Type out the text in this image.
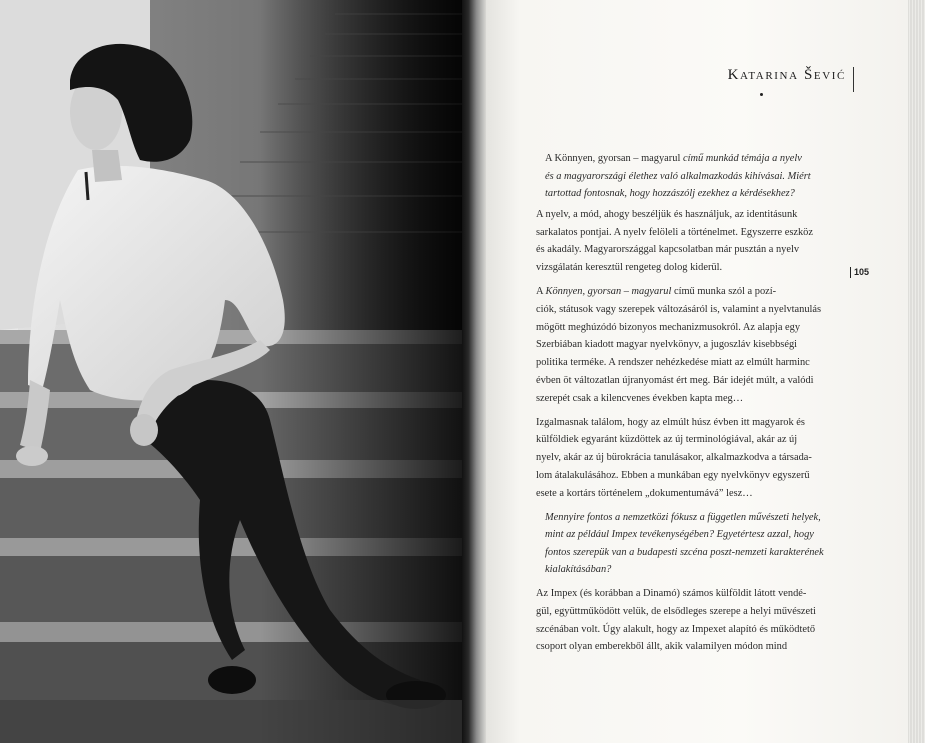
Katarina Šević
105
A Könnyen, gyorsan – magyarul című munkád témája a nyelv
és a magyarországi élethez való alkalmazkodás kihívásai. Miért
tartottad fontosnak, hogy hozzászólj ezekhez a kérdésekhez?
A nyelv, a mód, ahogy beszéljük és használjuk, az identitásunk
sarkalatos pontjai. A nyelv felöleli a történelmet. Egyszerre eszköz
és akadály. Magyarországgal kapcsolatban már pusztán a nyelv
vizsgálatán keresztül rengeteg dolog kiderül.
A Könnyen, gyorsan – magyarul című munka szól a pozí-
ciók, státusok vagy szerepek változásáról is, valamint a nyelvtanulás
mögött meghúzódó bizonyos mechanizmusokról. Az alapja egy
Szerbiában kiadott magyar nyelvkönyv, a jugoszláv kisebbségi
politika terméke. A rendszer nehézkedése miatt az elmúlt harminc
évben öt változatlan újranyomást ért meg. Bár idejét múlt, a valódi
szerepét csak a kilencvenes években kapta meg…
Izgalmasnak találom, hogy az elmúlt húsz évben itt magyarok és
külföldiek egyaránt küzdöttek az új terminológiával, akár az új
nyelv, akár az új bürokrácia tanulásakor, alkalmazkodva a társada-
lom átalakulásához. Ebben a munkában egy nyelvkönyv egyszerű
esete a kortárs történelem „dokumentumává” lesz…
Mennyire fontos a nemzetközi fókusz a független művészeti helyek,
mint az például Impex tevékenységében? Egyetértesz azzal, hogy
fontos szerepük van a budapesti szcéna poszt-nemzeti karakterének
kialakításában?
Az Impex (és korábban a Dinamó) számos külföldit látott vendé-
gül, együttműködött velük, de elsődleges szerepe a helyi művészeti
szcénában volt. Úgy alakult, hogy az Impexet alapító és működtető
csoport olyan emberekből állt, akik valamilyen módon mind
